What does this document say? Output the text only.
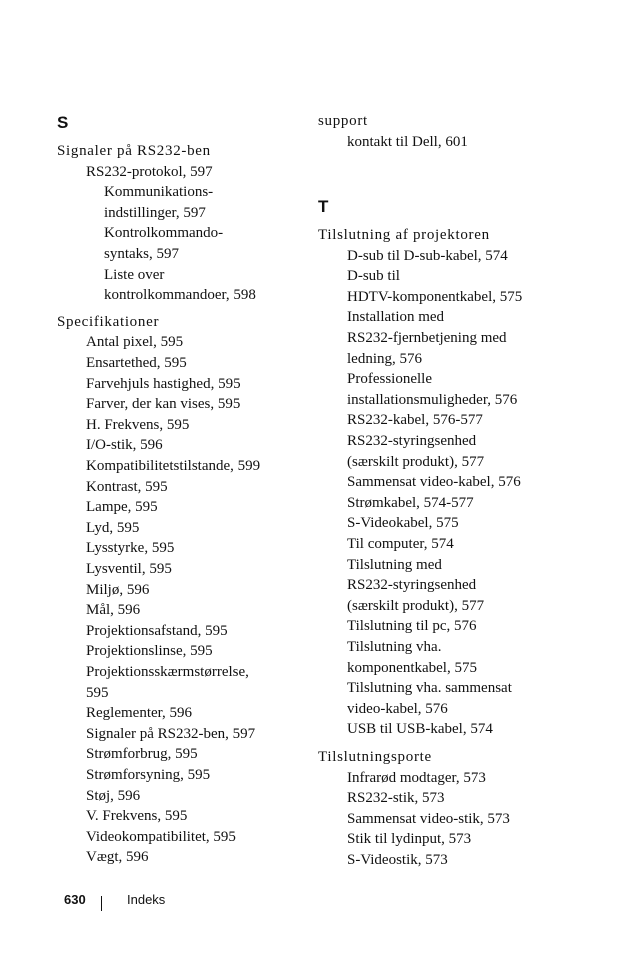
S
Signaler på RS232-ben
RS232-protokol, 597
Kommunikations-
indstillinger, 597
Kontrolkommando-
syntaks, 597
Liste over
kontrolkommandoer, 598
Specifikationer
Antal pixel, 595
Ensartethed, 595
Farvehjuls hastighed, 595
Farver, der kan vises, 595
H. Frekvens, 595
I/O-stik, 596
Kompatibilitetstilstande, 599
Kontrast, 595
Lampe, 595
Lyd, 595
Lysstyrke, 595
Lysventil, 595
Miljø, 596
Mål, 596
Projektionsafstand, 595
Projektionslinse, 595
Projektionsskærmstørrelse,
595
Reglementer, 596
Signaler på RS232-ben, 597
Strømforbrug, 595
Strømforsyning, 595
Støj, 596
V. Frekvens, 595
Videokompatibilitet, 595
Vægt, 596
support
kontakt til Dell, 601
T
Tilslutning af projektoren
D-sub til D-sub-kabel, 574
D-sub til
HDTV-komponentkabel, 575
Installation med
RS232-fjernbetjening med
ledning, 576
Professionelle
installationsmuligheder, 576
RS232-kabel, 576-577
RS232-styringsenhed
(særskilt produkt), 577
Sammensat video-kabel, 576
Strømkabel, 574-577
S-Videokabel, 575
Til computer, 574
Tilslutning med
RS232-styringsenhed
(særskilt produkt), 577
Tilslutning til pc, 576
Tilslutning vha.
komponentkabel, 575
Tilslutning vha. sammensat
video-kabel, 576
USB til USB-kabel, 574
Tilslutningsporte
Infrarød modtager, 573
RS232-stik, 573
Sammensat video-stik, 573
Stik til lydinput, 573
S-Videostik, 573
630	Indeks
